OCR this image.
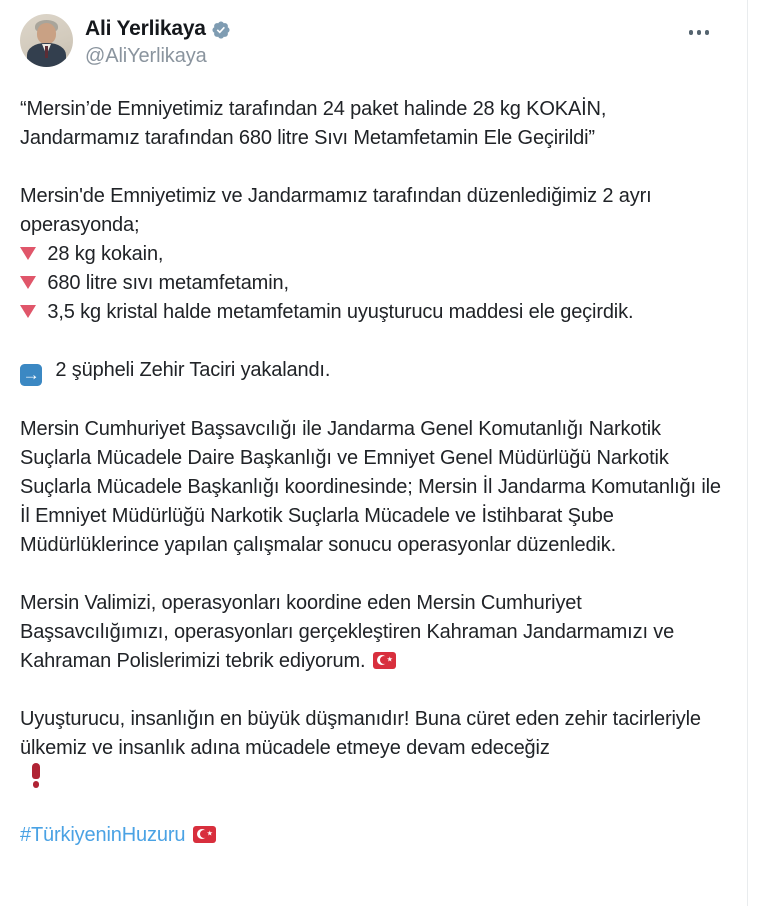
Ali Yerlikaya
@AliYerlikaya

“Mersin’de Emniyetimiz tarafından 24 paket halinde 28 kg KOKAİN, Jandarmamız tarafından 680 litre Sıvı Metamfetamin Ele Geçirildi”

Mersin'de Emniyetimiz ve Jandarmamız tarafından düzenlediğimiz 2 ayrı operasyonda;
28 kg kokain,
680 litre sıvı metamfetamin,
3,5 kg kristal halde metamfetamin uyuşturucu maddesi ele geçirdik.

→ 2 şüpheli Zehir Taciri yakalandı.

Mersin Cumhuriyet Başsavcılığı ile Jandarma Genel Komutanlığı Narkotik Suçlarla Mücadele Daire Başkanlığı ve Emniyet Genel Müdürlüğü Narkotik Suçlarla Mücadele Başkanlığı koordinesinde; Mersin İl Jandarma Komutanlığı ile İl Emniyet Müdürlüğü Narkotik Suçlarla Mücadele ve İstihbarat Şube Müdürlüklerince yapılan çalışmalar sonucu operasyonlar düzenledik.

Mersin Valimizi, operasyonları koordine eden Mersin Cumhuriyet Başsavcılığımızı, operasyonları gerçekleştiren Kahraman Jandarmamızı ve Kahraman Polislerimizi tebrik ediyorum.	★

Uyuşturucu, insanlığın en büyük düşmanıdır! Buna cüret eden zehir tacirleriyle ülkemiz ve insanlık adına mücadele etmeye devam edeceğiz

#TürkiyeninHuzuru	★
